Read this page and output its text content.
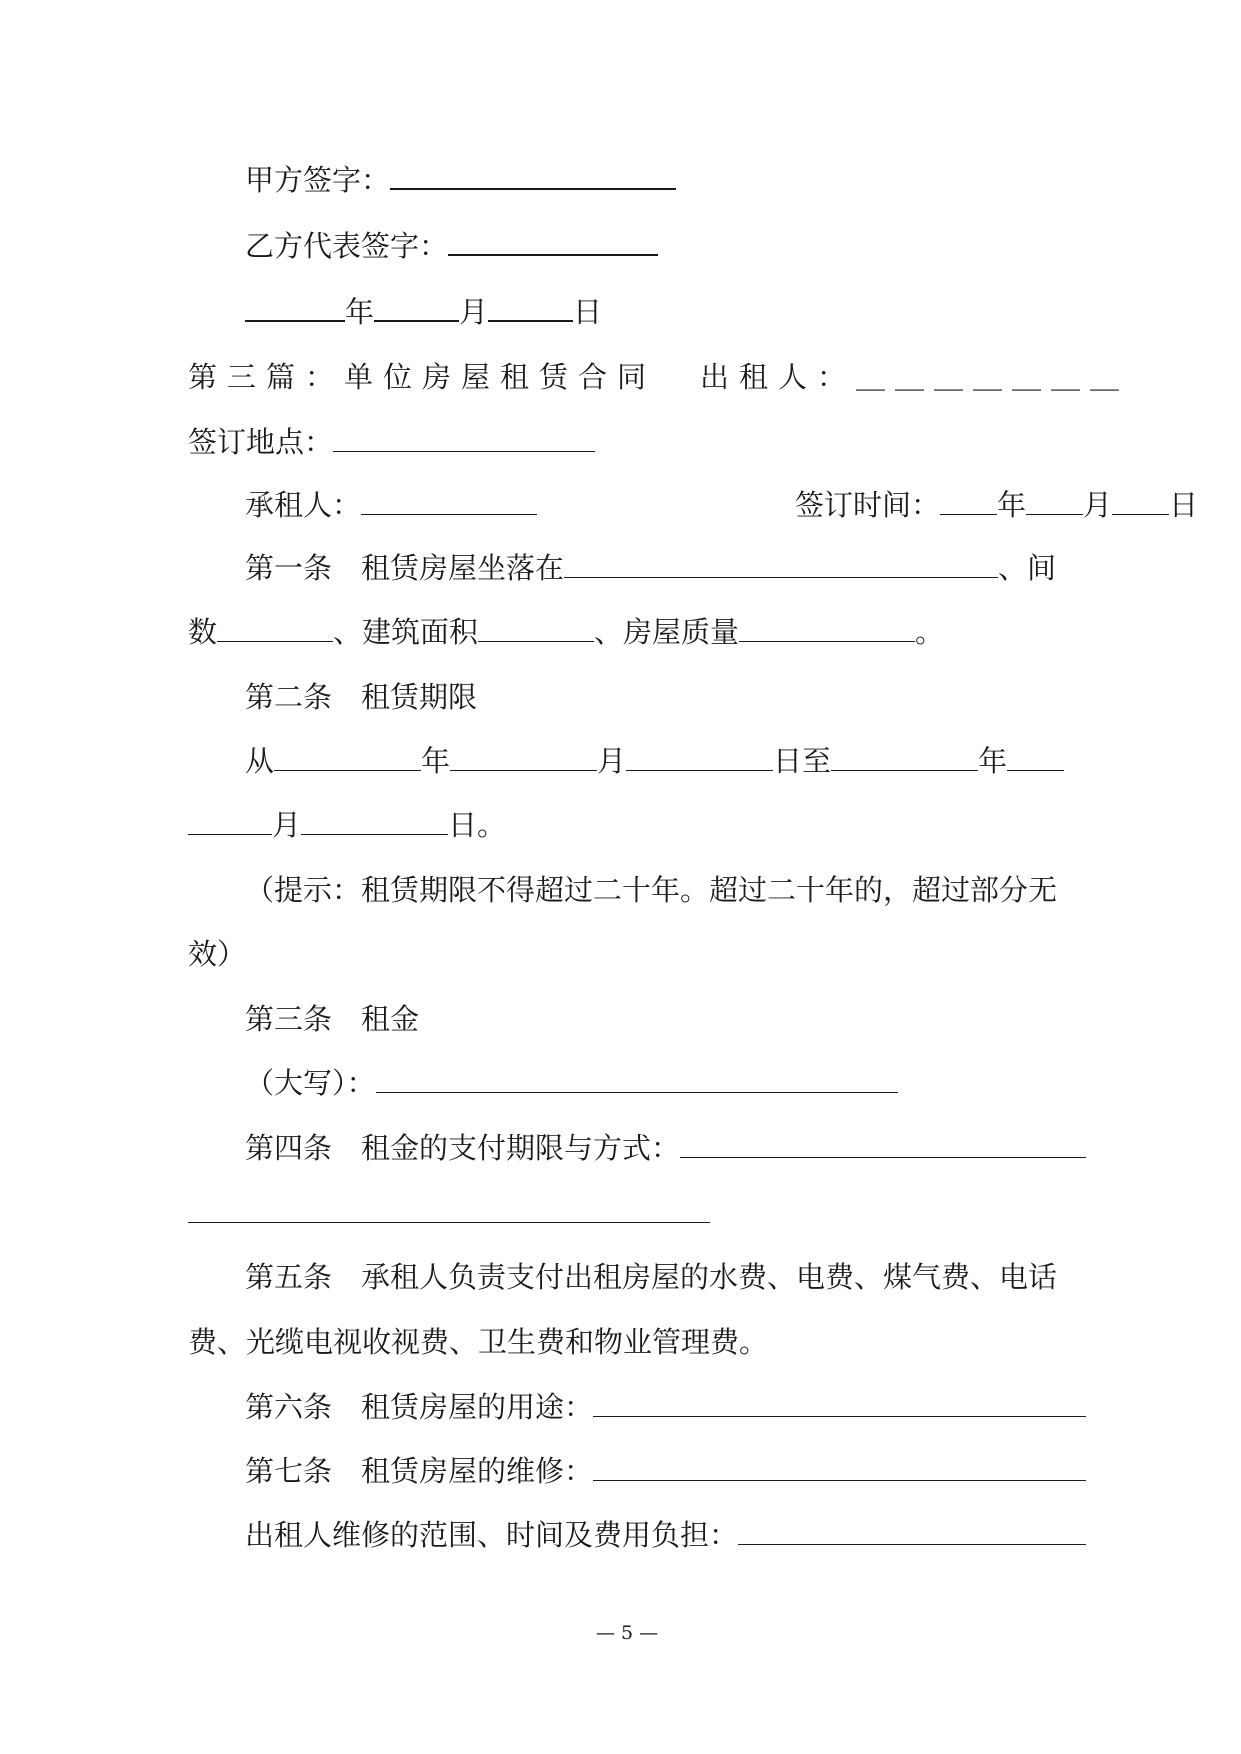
甲方签字：
乙方代表签字：
年	月	日
第三篇：单位房屋租赁合同 出租人：＿＿＿＿＿＿＿
签订地点：
承租人：	签订时间： 年 月 日
第一条 租赁房屋坐落在	、间
数	、建筑面积	、房屋质量	。
第二条 租赁期限
从	年	月	日至	年
月	日。
（提示：租赁期限不得超过二十年。超过二十年的，超过部分无
效）
第三条 租金
（大写）：
第四条 租金的支付期限与方式：
第五条 承租人负责支付出租房屋的水费、电费、煤气费、电话
费、光缆电视收视费、卫生费和物业管理费。
第六条 租赁房屋的用途：
第七条 租赁房屋的维修：
出租人维修的范围、时间及费用负担：
— 5 —
